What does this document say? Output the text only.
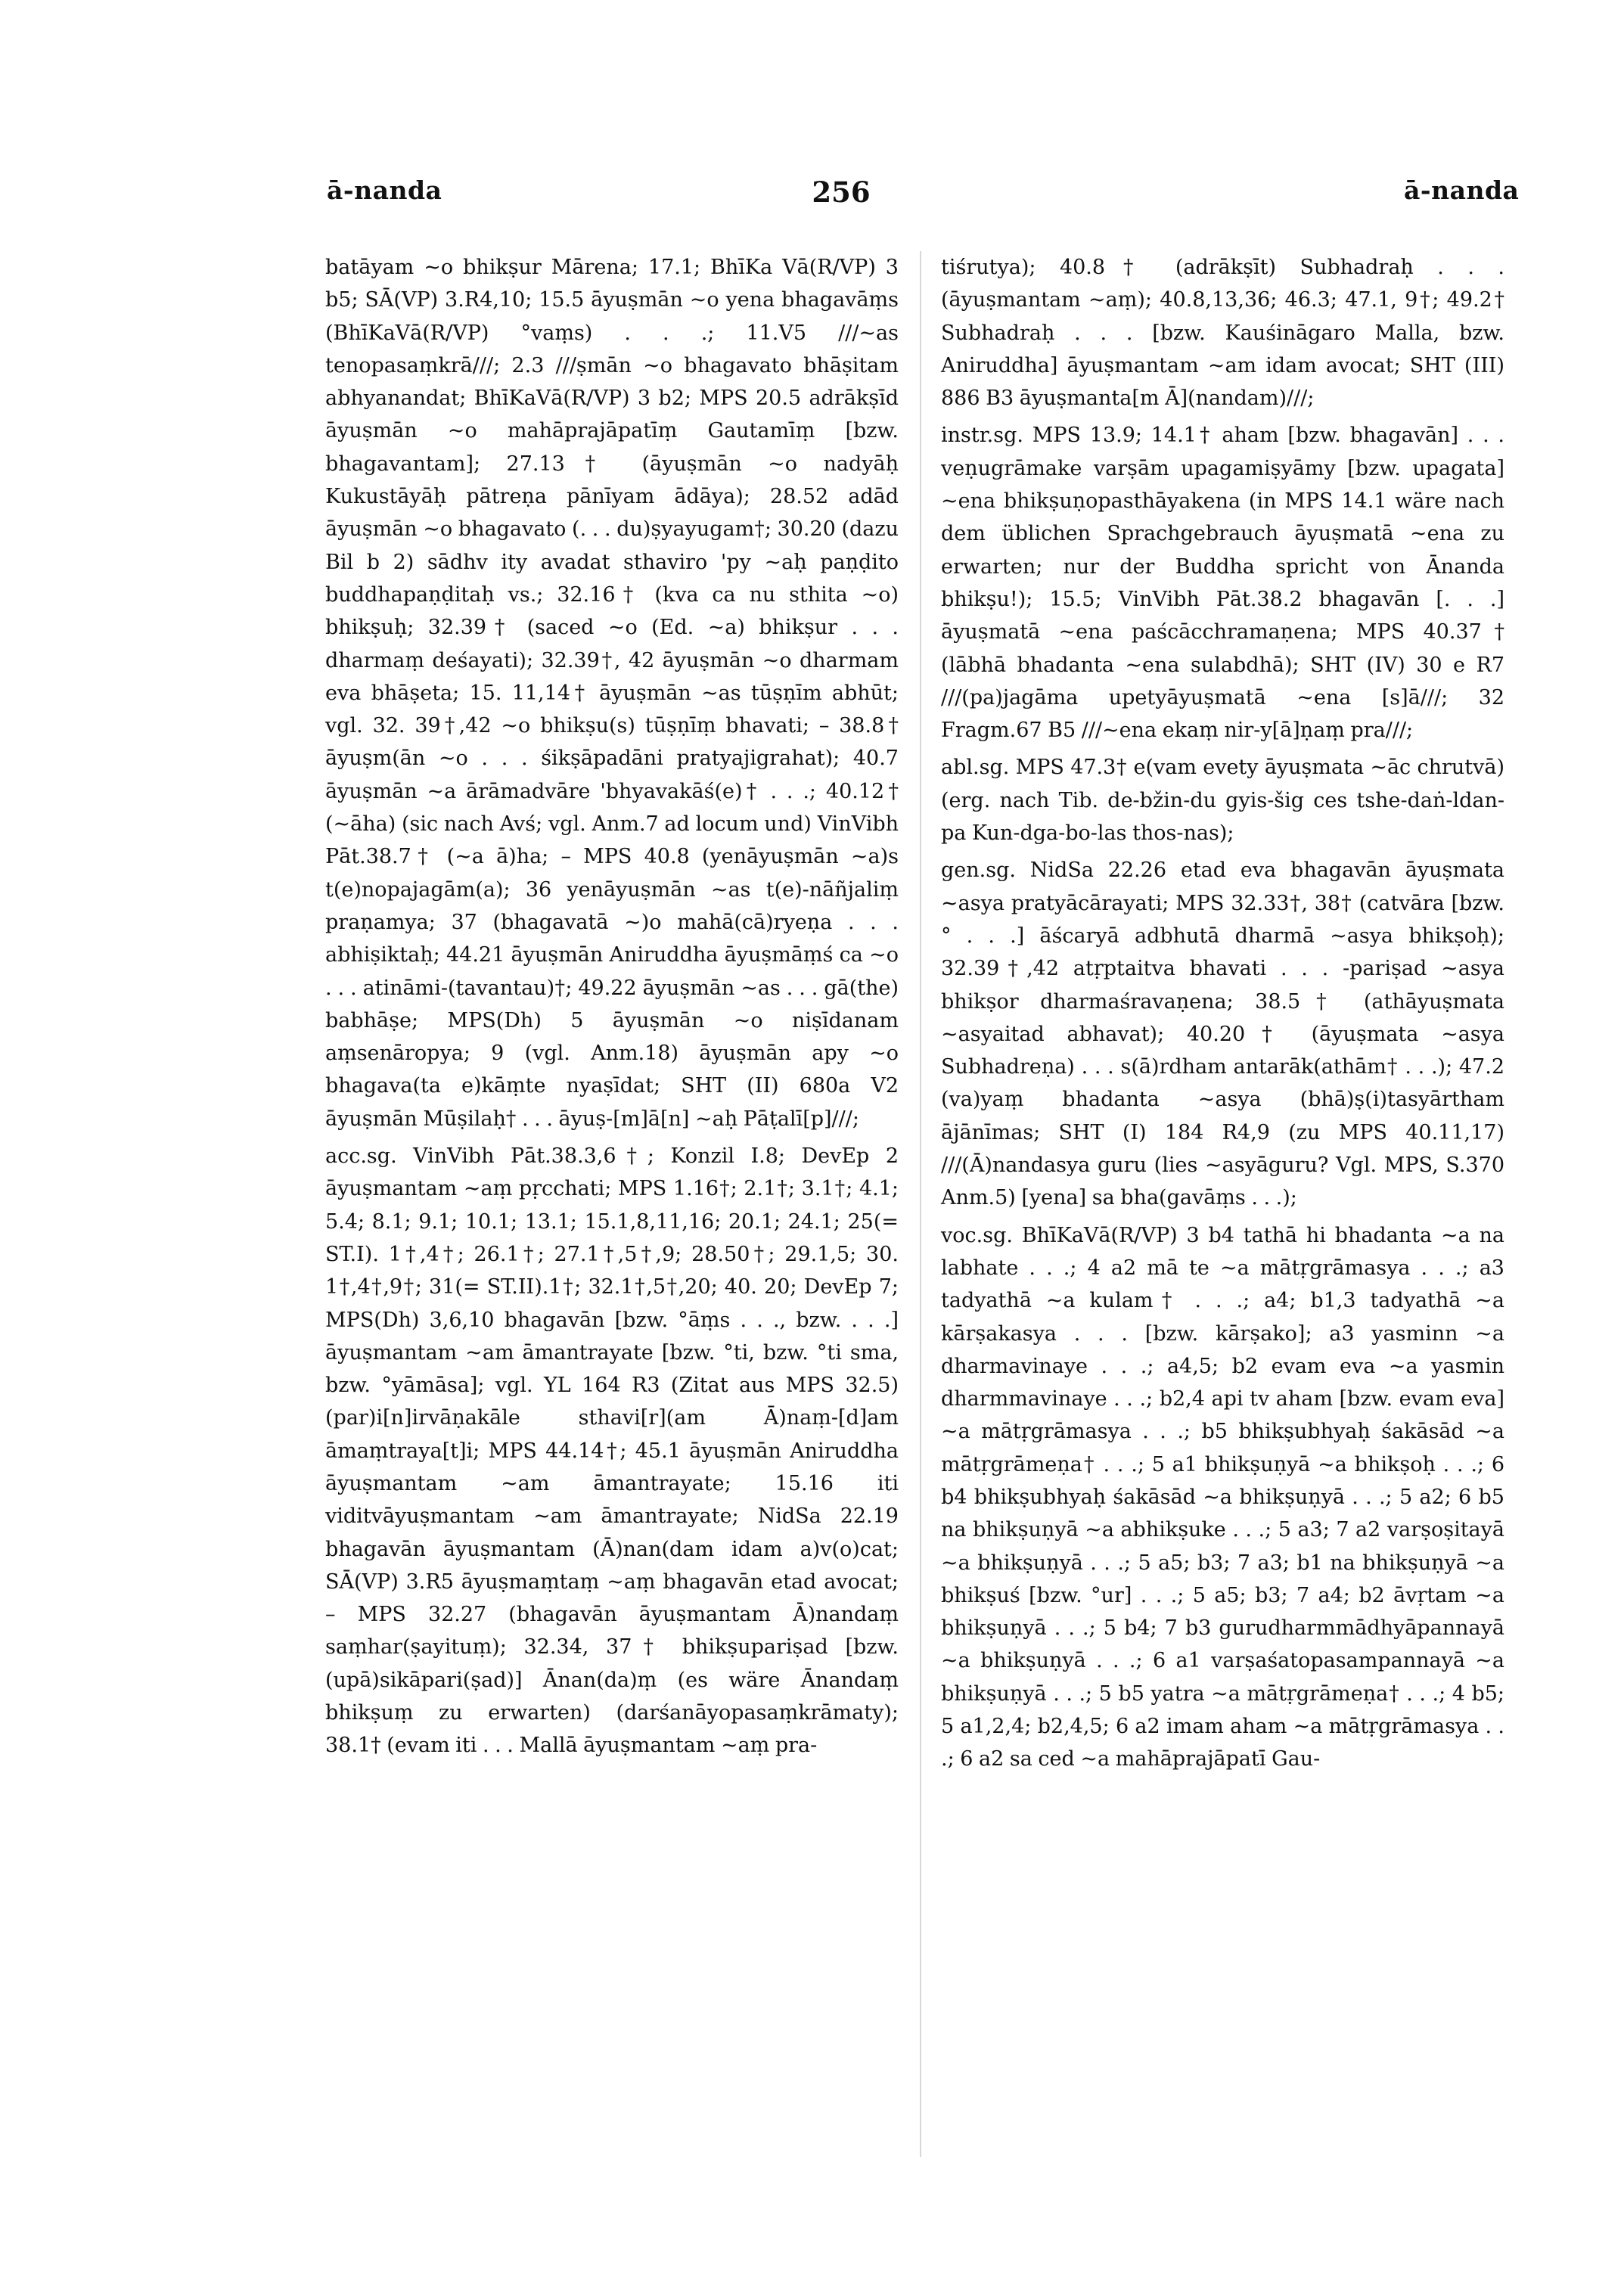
ā-nanda	256	ā-nanda

batāyam ~o bhikṣur Mārena; 17.1; BhīKa Vā(R/VP) 3 b5; SĀ(VP) 3.R4,10; 15.5 āyuṣmān ~o yena bhagavāṃs (BhīKaVā(R/VP) °vaṃs) . . .; 11.V5 ///~as tenopasaṃkrā///; 2.3 ///ṣmān ~o bhagavato bhāṣitam abhyanandat; BhīKaVā(R/VP) 3 b2; MPS 20.5 adrākṣīd āyuṣmān ~o mahāprajāpatīṃ Gautamīṃ [bzw. bhagavantam]; 27.13† (āyuṣmān ~o nadyāḥ Kukustāyāḥ pātreṇa pānīyam ādāya); 28.52 adād āyuṣmān ~o bhagavato (. . . du)ṣyayugam†; 30.20 (dazu Bil b 2) sādhv ity avadat sthaviro 'py ~aḥ paṇḍito buddhapaṇḍitaḥ vs.; 32.16† (kva ca nu sthita ~o) bhikṣuḥ; 32.39† (saced ~o (Ed. ~a) bhikṣur . . . dharmaṃ deśayati); 32.39†, 42 āyuṣmān ~o dharmam eva bhāṣeta; 15. 11,14† āyuṣmān ~as tūṣṇīm abhūt; vgl. 32. 39†,42 ~o bhikṣu(s) tūṣṇīṃ bhavati; – 38.8† āyuṣm(ān ~o . . . śikṣāpadāni pratyajigrahat); 40.7 āyuṣmān ~a ārāmadvāre 'bhyavakāś(e)† . . .; 40.12† (~āha) (sic nach Avś; vgl. Anm.7 ad locum und) VinVibh Pāt.38.7† (~a ā)ha; – MPS 40.8 (yenāyuṣmān ~a)s t(e)nopajagām(a); 36 yenāyuṣmān ~as t(e)-nāñjaliṃ praṇamya; 37 (bhagavatā ~)o mahā(cā)ryeṇa . . . abhiṣiktaḥ; 44.21 āyuṣmān Aniruddha āyuṣmāṃś ca ~o . . . atināmi-(tavantau)†; 49.22 āyuṣmān ~as . . . gā(the) babhāṣe; MPS(Dh) 5 āyuṣmān ~o niṣīdanam aṃsenāropya; 9 (vgl. Anm.18) āyuṣmān apy ~o bhagava(ta e)kāṃte nyaṣīdat; SHT (II) 680a V2 āyuṣmān Mūṣilaḥ† . . . āyuṣ-[m]ā[n] ~aḥ Pāṭalī[p]///;

acc.sg. VinVibh Pāt.38.3,6†; Konzil I.8; DevEp 2 āyuṣmantam ~aṃ pṛcchati; MPS 1.16†; 2.1†; 3.1†; 4.1; 5.4; 8.1; 9.1; 10.1; 13.1; 15.1,8,11,16; 20.1; 24.1; 25(= ST.I). 1†,4†; 26.1†; 27.1†,5†,9; 28.50†; 29.1,5; 30. 1†,4†,9†; 31(= ST.II).1†; 32.1†,5†,20; 40. 20; DevEp 7; MPS(Dh) 3,6,10 bhagavān [bzw. °āṃs . . ., bzw. . . .] āyuṣmantam ~am āmantrayate [bzw. °ti, bzw. °ti sma, bzw. °yāmāsa]; vgl. YL 164 R3 (Zitat aus MPS 32.5) (par)i[n]irvāṇakāle sthavi[r](am Ā)naṃ-[d]am āmaṃtraya[t]i; MPS 44.14†; 45.1 āyuṣmān Aniruddha āyuṣmantam ~am āmantrayate; 15.16 iti viditvāyuṣmantam ~am āmantrayate; NidSa 22.19 bhagavān āyuṣmantam (Ā)nan(dam idam a)v(o)cat; SĀ(VP) 3.R5 āyuṣmaṃtaṃ ~aṃ bhagavān etad avocat; – MPS 32.27 (bhagavān āyuṣmantam Ā)nandaṃ saṃhar(ṣayituṃ); 32.34, 37† bhikṣupariṣad [bzw. (upā)sikāpari(ṣad)] Ānan(da)ṃ (es wäre Ānandaṃ bhikṣuṃ zu erwarten) (darśanāyopasaṃkrāmaty); 38.1† (evam iti . . . Mallā āyuṣmantam ~aṃ pra-

tiśrutya); 40.8† (adrākṣīt) Subhadraḥ . . . (āyuṣmantam ~aṃ); 40.8,13,36; 46.3; 47.1, 9†; 49.2† Subhadraḥ . . . [bzw. Kauśināgaro Malla, bzw. Aniruddha] āyuṣmantam ~am idam avocat; SHT (III) 886 B3 āyuṣmanta[m Ā](nandam)///;

instr.sg. MPS 13.9; 14.1† aham [bzw. bhagavān] . . . veṇugrāmake varṣām upagamiṣyāmy [bzw. upagata] ~ena bhikṣuṇopasthāyakena (in MPS 14.1 wäre nach dem üblichen Sprachgebrauch āyuṣmatā ~ena zu erwarten; nur der Buddha spricht von Ānanda bhikṣu!); 15.5; VinVibh Pāt.38.2 bhagavān [. . .] āyuṣmatā ~ena paścācchramaṇena; MPS 40.37† (lābhā bhadanta ~ena sulabdhā); SHT (IV) 30 e R7 ///(pa)jagāma upetyāyuṣmatā ~ena [s]ā///; 32 Fragm.67 B5 ///~ena ekaṃ nir-y[ā]ṇaṃ pra///;

abl.sg. MPS 47.3† e(vam evety āyuṣmata ~āc chrutvā) (erg. nach Tib. de-bžin-du gyis-šig ces tshe-daṅ-ldan-pa Kun-dga-bo-las thos-nas);

gen.sg. NidSa 22.26 etad eva bhagavān āyuṣmata ~asya pratyācārayati; MPS 32.33†, 38† (catvāra [bzw. ° . . .] āścaryā adbhutā dharmā ~asya bhikṣoḥ); 32.39†,42 atṛptaitva bhavati . . . -pariṣad ~asya bhikṣor dharmaśravaṇena; 38.5† (athāyuṣmata ~asyaitad abhavat); 40.20† (āyuṣmata ~asya Subhadreṇa) . . . s(ā)rdham antarāk(athām† . . .); 47.2 (va)yaṃ bhadanta ~asya (bhā)ṣ(i)tasyārtham ājānīmas; SHT (I) 184 R4,9 (zu MPS 40.11,17) ///(Ā)nandasya guru (lies ~asyāguru? Vgl. MPS, S.370 Anm.5) [yena] sa bha(gavāṃs . . .);

voc.sg. BhīKaVā(R/VP) 3 b4 tathā hi bhadanta ~a na labhate . . .; 4 a2 mā te ~a mātṛgrāmasya . . .; a3 tadyathā ~a kulam† . . .; a4; b1,3 tadyathā ~a kārṣakasya . . . [bzw. kārṣako]; a3 yasminn ~a dharmavinaye . . .; a4,5; b2 evam eva ~a yasmin dharmmavinaye . . .; b2,4 api tv aham [bzw. evam eva] ~a mātṛgrāmasya . . .; b5 bhikṣubhyaḥ śakāsād ~a mātṛgrāmeṇa† . . .; 5 a1 bhikṣuṇyā ~a bhikṣoḥ . . .; 6 b4 bhikṣubhyaḥ śakāsād ~a bhikṣuṇyā . . .; 5 a2; 6 b5 na bhikṣuṇyā ~a abhikṣuke . . .; 5 a3; 7 a2 varṣoṣitayā ~a bhikṣuṇyā . . .; 5 a5; b3; 7 a3; b1 na bhikṣuṇyā ~a bhikṣuś [bzw. °ur] . . .; 5 a5; b3; 7 a4; b2 āvṛtam ~a bhikṣuṇyā . . .; 5 b4; 7 b3 gurudharmmādhyāpannayā ~a bhikṣuṇyā . . .; 6 a1 varṣaśatopasampannayā ~a bhikṣuṇyā . . .; 5 b5 yatra ~a mātṛgrāmeṇa† . . .; 4 b5; 5 a1,2,4; b2,4,5; 6 a2 imam aham ~a mātṛgrāmasya . . .; 6 a2 sa ced ~a mahāprajāpatī Gau-
